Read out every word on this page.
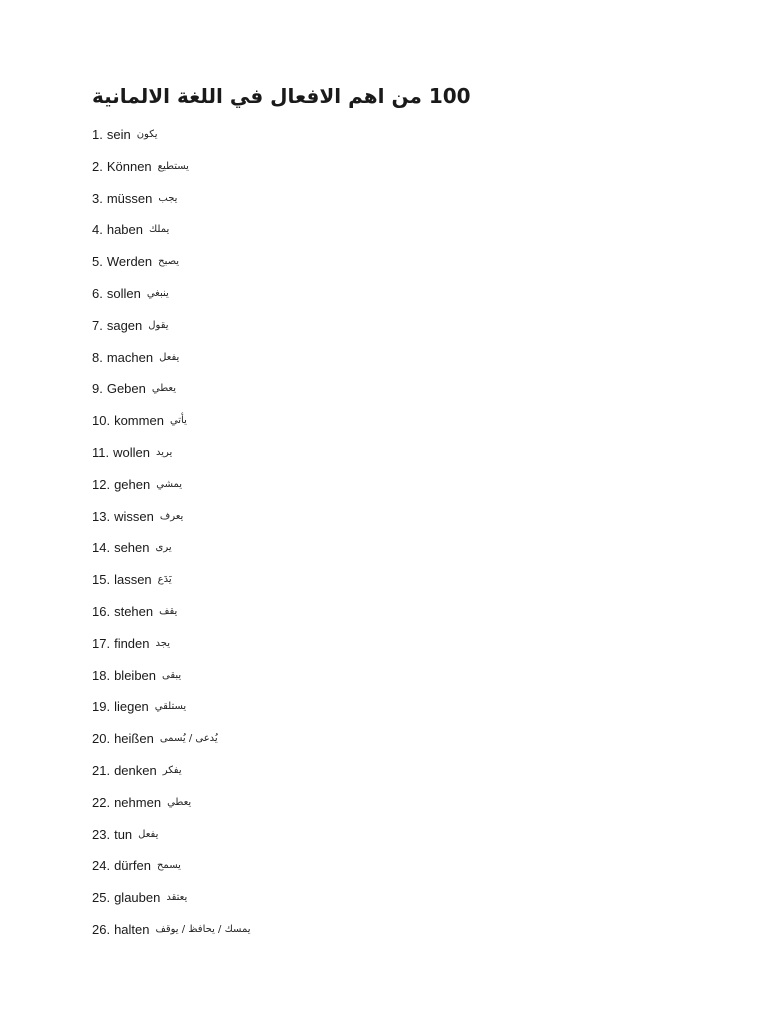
100 من اهم الافعال في اللغة الالمانية
1. sein يكون
2. Können يستطيع
3. müssen يجب
4. haben يملك
5. Werden يصبح
6. sollen ينبغي
7. sagen يقول
8. machen يفعل
9. Geben يعطي
10. kommen يأتي
11. wollen يريد
12. gehen يمشي
13. wissen يعرف
14. sehen يرى
15. lassen يَدَع
16. stehen يقف
17. finden يجد
18. bleiben يبقى
19. liegen يستلقي
20. heißen يُدعى / يُسمى
21. denken يفكر
22. nehmen يعطي
23. tun يفعل
24. dürfen يسمح
25. glauben يعتقد
26. halten يمسك / يحافظ / يوقف
